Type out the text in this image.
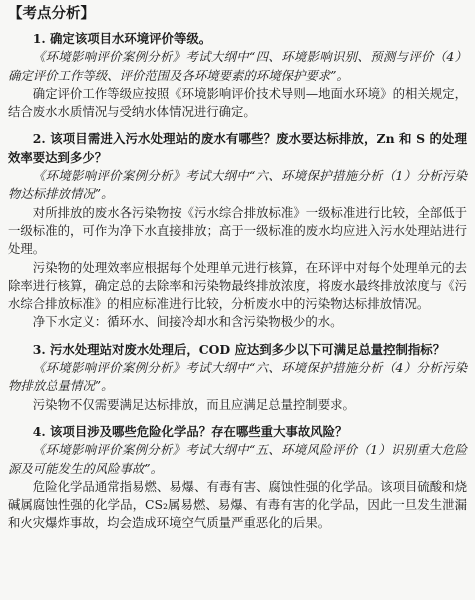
【考点分析】

1. 确定该项目水环境评价等级。

《环境影响评价案例分析》考试大纲中“四、环境影响识别、预测与评价（4）确定评价工作等级、评价范围及各环境要素的环境保护要求”。

确定评价工作等级应按照《环境影响评价技术导则—地面水环境》的相关规定，结合废水水质情况与受纳水体情况进行确定。

2. 该项目需进入污水处理站的废水有哪些？废水要达标排放，Zn 和 S 的处理效率要达到多少？

《环境影响评价案例分析》考试大纲中“六、环境保护措施分析（1）分析污染物达标排放情况”。

对所排放的废水各污染物按《污水综合排放标准》一级标准进行比较，全部低于一级标准的，可作为净下水直接排放；高于一级标准的废水均应进入污水处理站进行处理。

污染物的处理效率应根据每个处理单元进行核算，在环评中对每个处理单元的去除率进行核算，确定总的去除率和污染物最终排放浓度，将废水最终排放浓度与《污水综合排放标准》的相应标准进行比较，分析废水中的污染物达标排放情况。

净下水定义：循环水、间接冷却水和含污染物极少的水。

3. 污水处理站对废水处理后，COD 应达到多少以下可满足总量控制指标？

《环境影响评价案例分析》考试大纲中“六、环境保护措施分析（4）分析污染物排放总量情况”。

污染物不仅需要满足达标排放，而且应满足总量控制要求。

4. 该项目涉及哪些危险化学品？存在哪些重大事故风险？

《环境影响评价案例分析》考试大纲中“五、环境风险评价（1）识别重大危险源及可能发生的风险事故”。

危险化学品通常指易燃、易爆、有毒有害、腐蚀性强的化学品。该项目硫酸和烧碱属腐蚀性强的化学品，CS₂属易燃、易爆、有毒有害的化学品，因此一旦发生泄漏和火灾爆炸事故，均会造成环境空气质量严重恶化的后果。
